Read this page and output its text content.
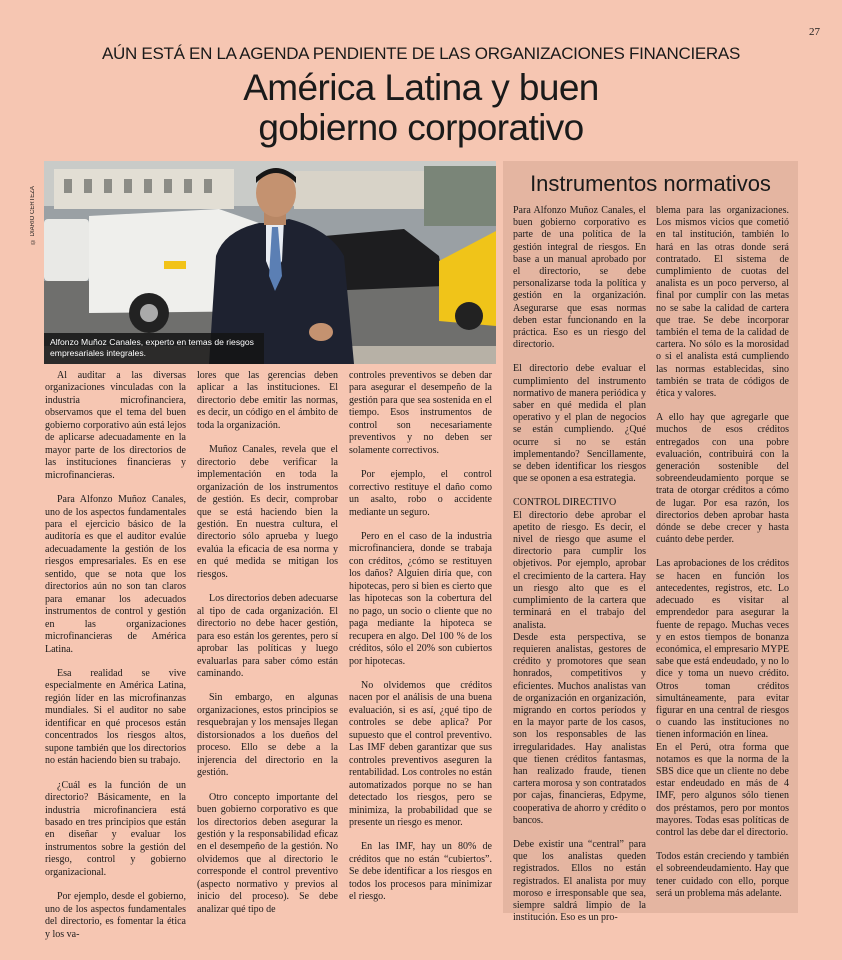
27
AÚN ESTÁ EN LA AGENDA PENDIENTE DE LAS ORGANIZACIONES FINANCIERAS
América Latina y buen
gobierno corporativo
© DIARIO CERTEZA
Alfonzo Muñoz Canales, experto en temas de riesgos empresariales integrales.

Al auditar a las diversas organizaciones vinculadas con la industria microfinanciera, observamos que el tema del buen gobierno corporativo aún está lejos de aplicarse adecuadamente en la mayor parte de los directorios de las instituciones financieras y microfinancieras.

Para Alfonzo Muñoz Canales, uno de los aspectos fundamentales para el ejercicio básico de la auditoría es que el auditor evalúe adecuadamente la gestión de los riesgos empresariales. Es en ese sentido, que se nota que los directorios aún no son tan claros para emanar los adecuados instrumentos de control y gestión en las organizaciones microfinancieras de América Latina.

Esa realidad se vive especialmente en América Latina, región líder en las microfinanzas mundiales. Si el auditor no sabe identificar en qué procesos están concentrados los riesgos altos, supone también que los directorios no están haciendo bien su trabajo.

¿Cuál es la función de un directorio? Básicamente, en la industria microfinanciera está basado en tres principios que están en diseñar y evaluar los instrumentos sobre la gestión del riesgo, control y gobierno organizacional.

Por ejemplo, desde el gobierno, uno de los aspectos fundamentales del directorio, es fomentar la ética y los va-

lores que las gerencias deben aplicar a las instituciones. El directorio debe emitir las normas, es decir, un código en el ámbito de toda la organización.

Muñoz Canales, revela que el directorio debe verificar la implementación en toda la organización de los instrumentos de gestión. Es decir, comprobar que se está haciendo bien la gestión. En nuestra cultura, el directorio sólo aprueba y luego evalúa la eficacia de esa norma y en qué medida se mitigan los riesgos.

Los directorios deben adecuarse al tipo de cada organización. El directorio no debe hacer gestión, para eso están los gerentes, pero sí aprobar las políticas y luego evaluarlas para saber cómo están caminando.

Sin embargo, en algunas organizaciones, estos principios se resquebrajan y los mensajes llegan distorsionados a los dueños del proceso. Ello se debe a la injerencia del directorio en la gestión.

Otro concepto importante del buen gobierno corporativo es que los directorios deben asegurar la gestión y la responsabilidad eficaz en el desempeño de la gestión. No olvidemos que al directorio le corresponde el control preventivo (aspecto normativo y previos al inicio del proceso). Se debe analizar qué tipo de

controles preventivos se deben dar para asegurar el desempeño de la gestión para que sea sostenida en el tiempo. Esos instrumentos de control son necesariamente preventivos y no deben ser solamente correctivos.

Por ejemplo, el control correctivo restituye el daño como un asalto, robo o accidente mediante un seguro.

Pero en el caso de la industria microfinanciera, donde se trabaja con créditos, ¿cómo se restituyen los daños? Alguien diría que, con hipotecas, pero si bien es cierto que las hipotecas son la cobertura del no pago, un socio o cliente que no paga mediante la hipoteca se recupera en algo. Del 100 % de los créditos, sólo el 20% son cubiertos por hipotecas.

No olvidemos que créditos nacen por el análisis de una buena evaluación, si es así, ¿qué tipo de controles se debe aplica? Por supuesto que el control preventivo. Las IMF deben garantizar que sus controles preventivos aseguren la rentabilidad. Los controles no están automatizados porque no se han detectado los riesgos, pero se minimiza, la probabilidad que se presente un riesgo es menor.

En las IMF, hay un 80% de créditos que no están “cubiertos”. Se debe identificar a los riesgos en todos los procesos para minimizar el riesgo.

Instrumentos normativos

Para Alfonzo Muñoz Canales, el buen gobierno corporativo es parte de una política de la gestión integral de riesgos. En base a un manual aprobado por el directorio, se debe personalizarse toda la política y gestión en la organización. Asegurarse que esas normas deben estar funcionando en la práctica. Eso es un riesgo del directorio.

El directorio debe evaluar el cumplimiento del instrumento normativo de manera periódica y saber en qué medida el plan operativo y el plan de negocios se están cumpliendo. ¿Qué ocurre si no se están implementando? Sencillamente, se deben identificar los riesgos que se oponen a esa estrategia.

CONTROL DIRECTIVO

El directorio debe aprobar el apetito de riesgo. Es decir, el nivel de riesgo que asume el directorio para cumplir los objetivos. Por ejemplo, aprobar el crecimiento de la cartera. Hay un riesgo alto que es el cumplimiento de la cartera que terminará en el trabajo del analista.
Desde esta perspectiva, se requieren analistas, gestores de crédito y promotores que sean honrados, competitivos y eficientes. Muchos analistas van de organización en organización, migrando en cortos períodos y en la mayor parte de los casos, son los responsables de las irregularidades. Hay analistas que tienen créditos fantasmas, han realizado fraude, tienen cartera morosa y son contratados por cajas, financieras, Edpyme, cooperativa de ahorro y crédito o bancos.

Debe existir una “central” para que los analistas queden registrados. Ellos no están registrados. El analista por muy moroso e irresponsable que sea, siempre saldrá limpio de la institución. Eso es un pro-

blema para las organizaciones. Los mismos vicios que cometió en tal institución, también lo hará en las otras donde será contratado. El sistema de cumplimiento de cuotas del analista es un poco perverso, al final por cumplir con las metas no se sabe la calidad de cartera que trae. Se debe incorporar también el tema de la calidad de cartera. No sólo es la morosidad o si el analista está cumpliendo las normas establecidas, sino también se trata de códigos de ética y valores.

A ello hay que agregarle que muchos de esos créditos entregados con una pobre evaluación, contribuirá con la generación sostenible del sobreendeudamiento porque se trata de otorgar créditos a cómo de lugar. Por esa razón, los directorios deben aprobar hasta dónde se debe crecer y hasta cuánto debe perder.

Las aprobaciones de los créditos se hacen en función los antecedentes, registros, etc. Lo adecuado es visitar al emprendedor para asegurar la fuente de repago. Muchas veces y en estos tiempos de bonanza económica, el empresario MYPE sabe que está endeudado, y no lo dice y toma un nuevo crédito. Otros toman créditos simultáneamente, para evitar figurar en una central de riesgos o cuando las instituciones no tienen información en línea.
En el Perú, otra forma que notamos es que la norma de la SBS dice que un cliente no debe estar endeudado en más de 4 IMF, pero algunos sólo tienen dos préstamos, pero por montos mayores. Todas esas políticas de control las debe dar el directorio.

Todos están creciendo y también el sobreendeudamiento. Hay que tener cuidado con ello, porque será un problema más adelante.
